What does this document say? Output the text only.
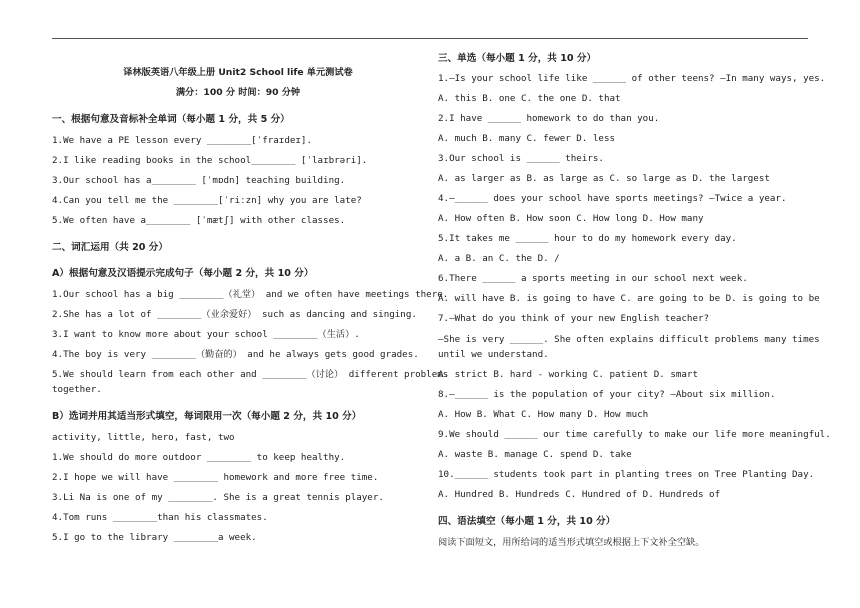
译林版英语八年级上册 Unit2 School life 单元测试卷
满分：100 分 时间：90 分钟
一、根据句意及音标补全单词（每小题 1 分，共 5 分）
1.We have a PE lesson every ________[ˈfraɪdeɪ].
2.I like reading books in the school________ [ˈlaɪbrəri].
3.Our school has a________ [ˈmɒdn] teaching building.
4.Can you tell me the ________[ˈriːzn] why you are late?
5.We often have a________ [ˈmætʃ] with other classes.
二、词汇运用（共 20 分）
A）根据句意及汉语提示完成句子（每小题 2 分，共 10 分）
1.Our school has a big ________（礼堂） and we often have meetings there.
2.She has a lot of ________（业余爱好） such as dancing and singing.
3.I want to know more about your school ________（生活）.
4.The boy is very ________（勤奋的） and he always gets good grades.
5.We should learn from each other and ________（讨论） different problems
together.
B）选词并用其适当形式填空，每词限用一次（每小题 2 分，共 10 分）
activity, little, hero, fast, two
1.We should do more outdoor ________ to keep healthy.
2.I hope we will have ________ homework and more free time.
3.Li Na is one of my ________. She is a great tennis player.
4.Tom runs ________than his classmates.
5.I go to the library ________a week.
三、单选（每小题 1 分，共 10 分）
1.—Is your school life like ______ of other teens? —In many ways, yes.
A. this B. one C. the one D. that
2.I have ______ homework to do than you.
A. much B. many C. fewer D. less
3.Our school is ______ theirs.
A. as larger as B. as large as C. so large as D. the largest
4.—______ does your school have sports meetings? —Twice a year.
A. How often B. How soon C. How long D. How many
5.It takes me ______ hour to do my homework every day.
A. a B. an C. the D. /
6.There ______ a sports meeting in our school next week.
A. will have B. is going to have C. are going to be D. is going to be
7.—What do you think of your new English teacher?
—She is very ______. She often explains difficult problems many times
until we understand.
A. strict B. hard - working C. patient D. smart
8.—______ is the population of your city? —About six million.
A. How B. What C. How many D. How much
9.We should ______ our time carefully to make our life more meaningful.
A. waste B. manage C. spend D. take
10.______ students took part in planting trees on Tree Planting Day.
A. Hundred B. Hundreds C. Hundred of D. Hundreds of
四、语法填空（每小题 1 分，共 10 分）
阅读下面短文，用所给词的适当形式填空或根据上下文补全空缺。
